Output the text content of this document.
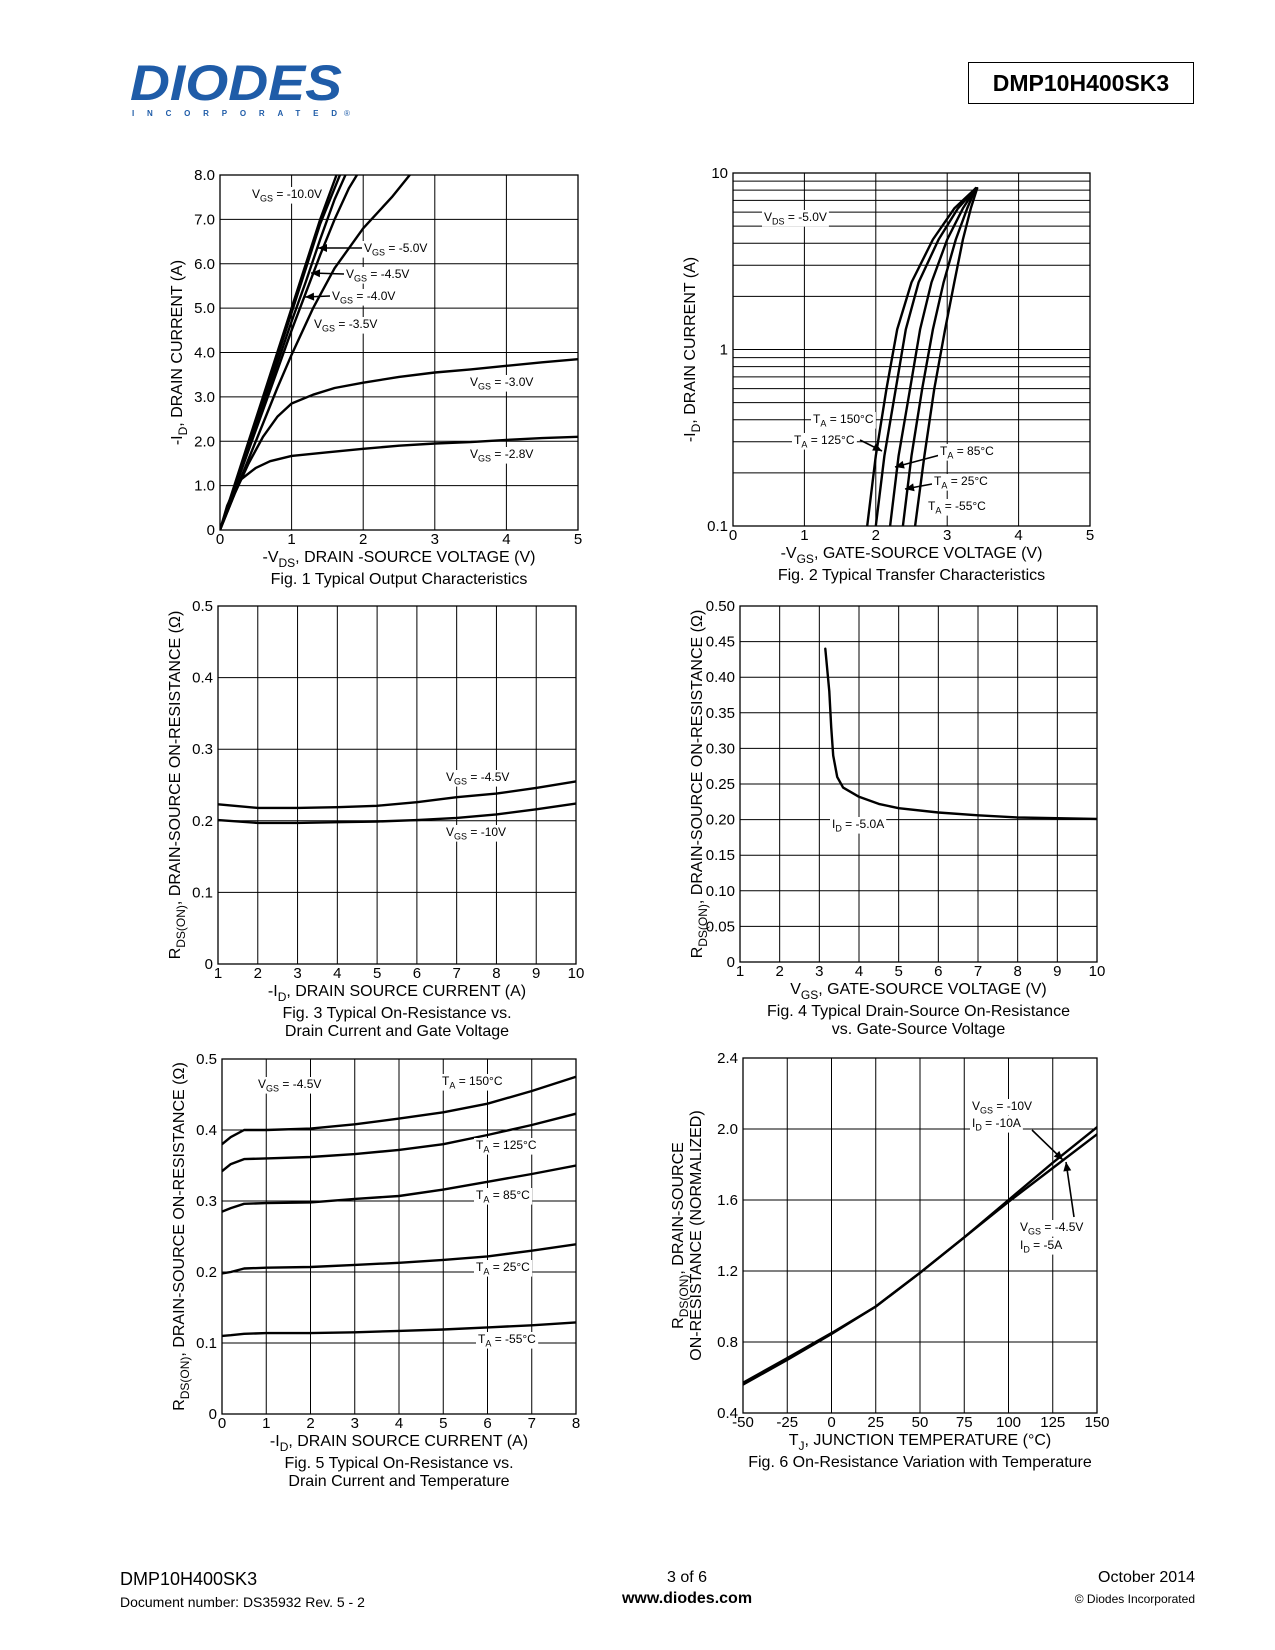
DIODES
INCORPORATED ®
DMP10H400SK3
0	1	2	3	4	5
0
1.0
2.0
3.0
4.0
5.0
6.0
7.0
8.0
$-V_{DS}$, DRAIN -SOURCE VOLTAGE (V)
$-I_D$, DRAIN CURRENT (A)
Fig. 1 Typical Output Characteristics
$V_{GS} = -10.0V$
$V_{GS} = -5.0V$
$V_{GS} = -4.5V$
$V_{GS} = -4.0V$
$V_{GS} = -3.5V$
$V_{GS} = -3.0V$
$V_{GS} = -2.8V$
0	1	2	3	4	5
0.1
1
10
$-V_{GS}$, GATE-SOURCE VOLTAGE (V)
$-I_D$, DRAIN CURRENT (A)
Fig. 2 Typical Transfer Characteristics
$V_{DS} = -5.0V$
$T_A = 150^\circ C$
$T_A = 125^\circ C$
$T_A = 85^\circ C$
$T_A = 25^\circ C$
$T_A = -55^\circ C$
1 2 3 4 5 6 7 8 9 10
0
0.1
0.2
0.3
0.4
0.5
$-I_D$, DRAIN SOURCE CURRENT (A)
$R_{DS(ON)}$, DRAIN-SOURCE ON-RESISTANCE (Ω)
Fig. 3 Typical On-Resistance vs.
Drain Current and Gate Voltage
$V_{GS} = -4.5V$
$V_{GS} = -10V$
1 2 3 4 5 6 7 8 9 10
0
0.05
0.10
0.15
0.20
0.25
0.30
0.35
0.40
0.45
0.50
$V_{GS}$, GATE-SOURCE VOLTAGE (V)
$R_{DS(ON)}$, DRAIN-SOURCE ON-RESISTANCE (Ω)
Fig. 4 Typical Drain-Source On-Resistance
vs. Gate-Source Voltage
$I_D = -5.0A$
0 1 2 3 4 5 6 7 8
0
0.1
0.2
0.3
0.4
0.5
$-I_D$, DRAIN SOURCE CURRENT (A)
$R_{DS(ON)}$, DRAIN-SOURCE ON-RESISTANCE (Ω)
Fig. 5 Typical On-Resistance vs.
Drain Current and Temperature
$V_{GS} = -4.5V$	$T_A = 150^\circ C$
$T_A = 125^\circ C$
$T_A = 85^\circ C$
$T_A = 25^\circ C$
$T_A = -55^\circ C$
-50 -25 0 25 50 75 100 125 150
0.4
0.8
1.2
1.6
2.0
2.4
$T_J$, JUNCTION TEMPERATURE (°C)
$R_{DS(ON)}$, DRAIN-SOURCE ON-RESISTANCE (NORMALIZED)
Fig. 6 On-Resistance Variation with Temperature
$V_{GS} = -10V$
$I_D = -10A$
$V_{GS} = -4.5V$
$I_D = -5A$
DMP10H400SK3
Document number: DS35932 Rev. 5 - 2
3 of 6
www.diodes.com
October 2014
© Diodes Incorporated
